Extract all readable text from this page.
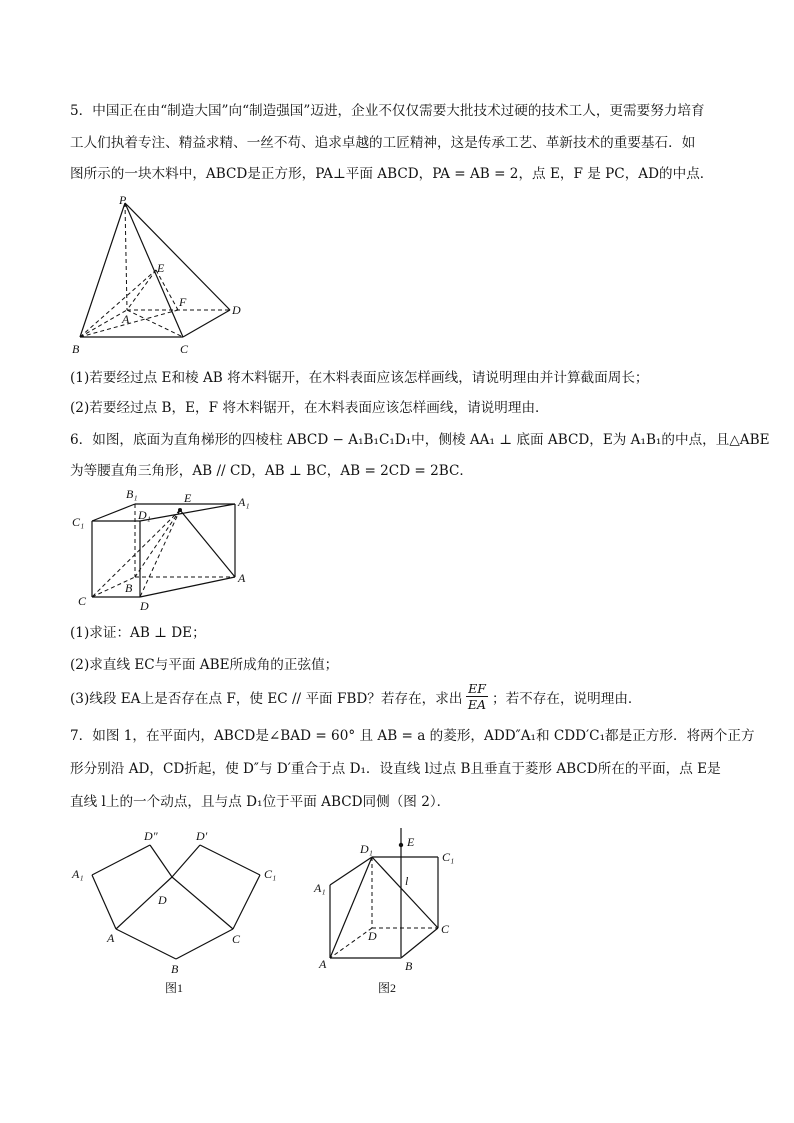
5．中国正在由“制造大国”向“制造强国”迈进，企业不仅仅需要大批技术过硬的技术工人，更需要努力培育
工人们执着专注、精益求精、一丝不苟、追求卓越的工匠精神，这是传承工艺、革新技术的重要基石．如
图所示的一块木料中，ABCD是正方形，PA⊥平面 ABCD，PA = AB = 2，点 E，F 是 PC，AD的中点．
P
E
F
A
D
B	C
(1)若要经过点 E和棱 AB 将木料锯开，在木料表面应该怎样画线，请说明理由并计算截面周长；
(2)若要经过点 B，E，F 将木料锯开，在木料表面应该怎样画线，请说明理由．
6．如图，底面为直角梯形的四棱柱 ABCD − A₁B₁C₁D₁中，侧棱 AA₁ ⊥ 底面 ABCD，E为 A₁B₁的中点，且△ABE
为等腰直角三角形，AB // CD，AB ⊥ BC，AB = 2CD = 2BC．
B₁	E	A₁
C₁	D₁
B
A
C	D
(1)求证：AB ⊥ DE；
(2)求直线 EC与平面 ABE所成角的正弦值；
(3)线段 EA上是否存在点 F，使 EC // 平面 FBD？若存在，求出 $\frac{EF}{EA}$ ；若不存在，说明理由．
7．如图 1，在平面内，ABCD是∠BAD = 60° 且 AB = a 的菱形，ADD″A₁和 CDD′C₁都是正方形．将两个正方
形分别沿 AD，CD折起，使 D″与 D′重合于点 D₁．设直线 l过点 B且垂直于菱形 ABCD所在的平面，点 E是
直线 l上的一个动点，且与点 D₁位于平面 ABCD同侧（图 2）．
D″	D′
A₁	C₁
D
A	C
B
图1
E
D₁
C₁
l
A₁
D	C
A	B
图2
